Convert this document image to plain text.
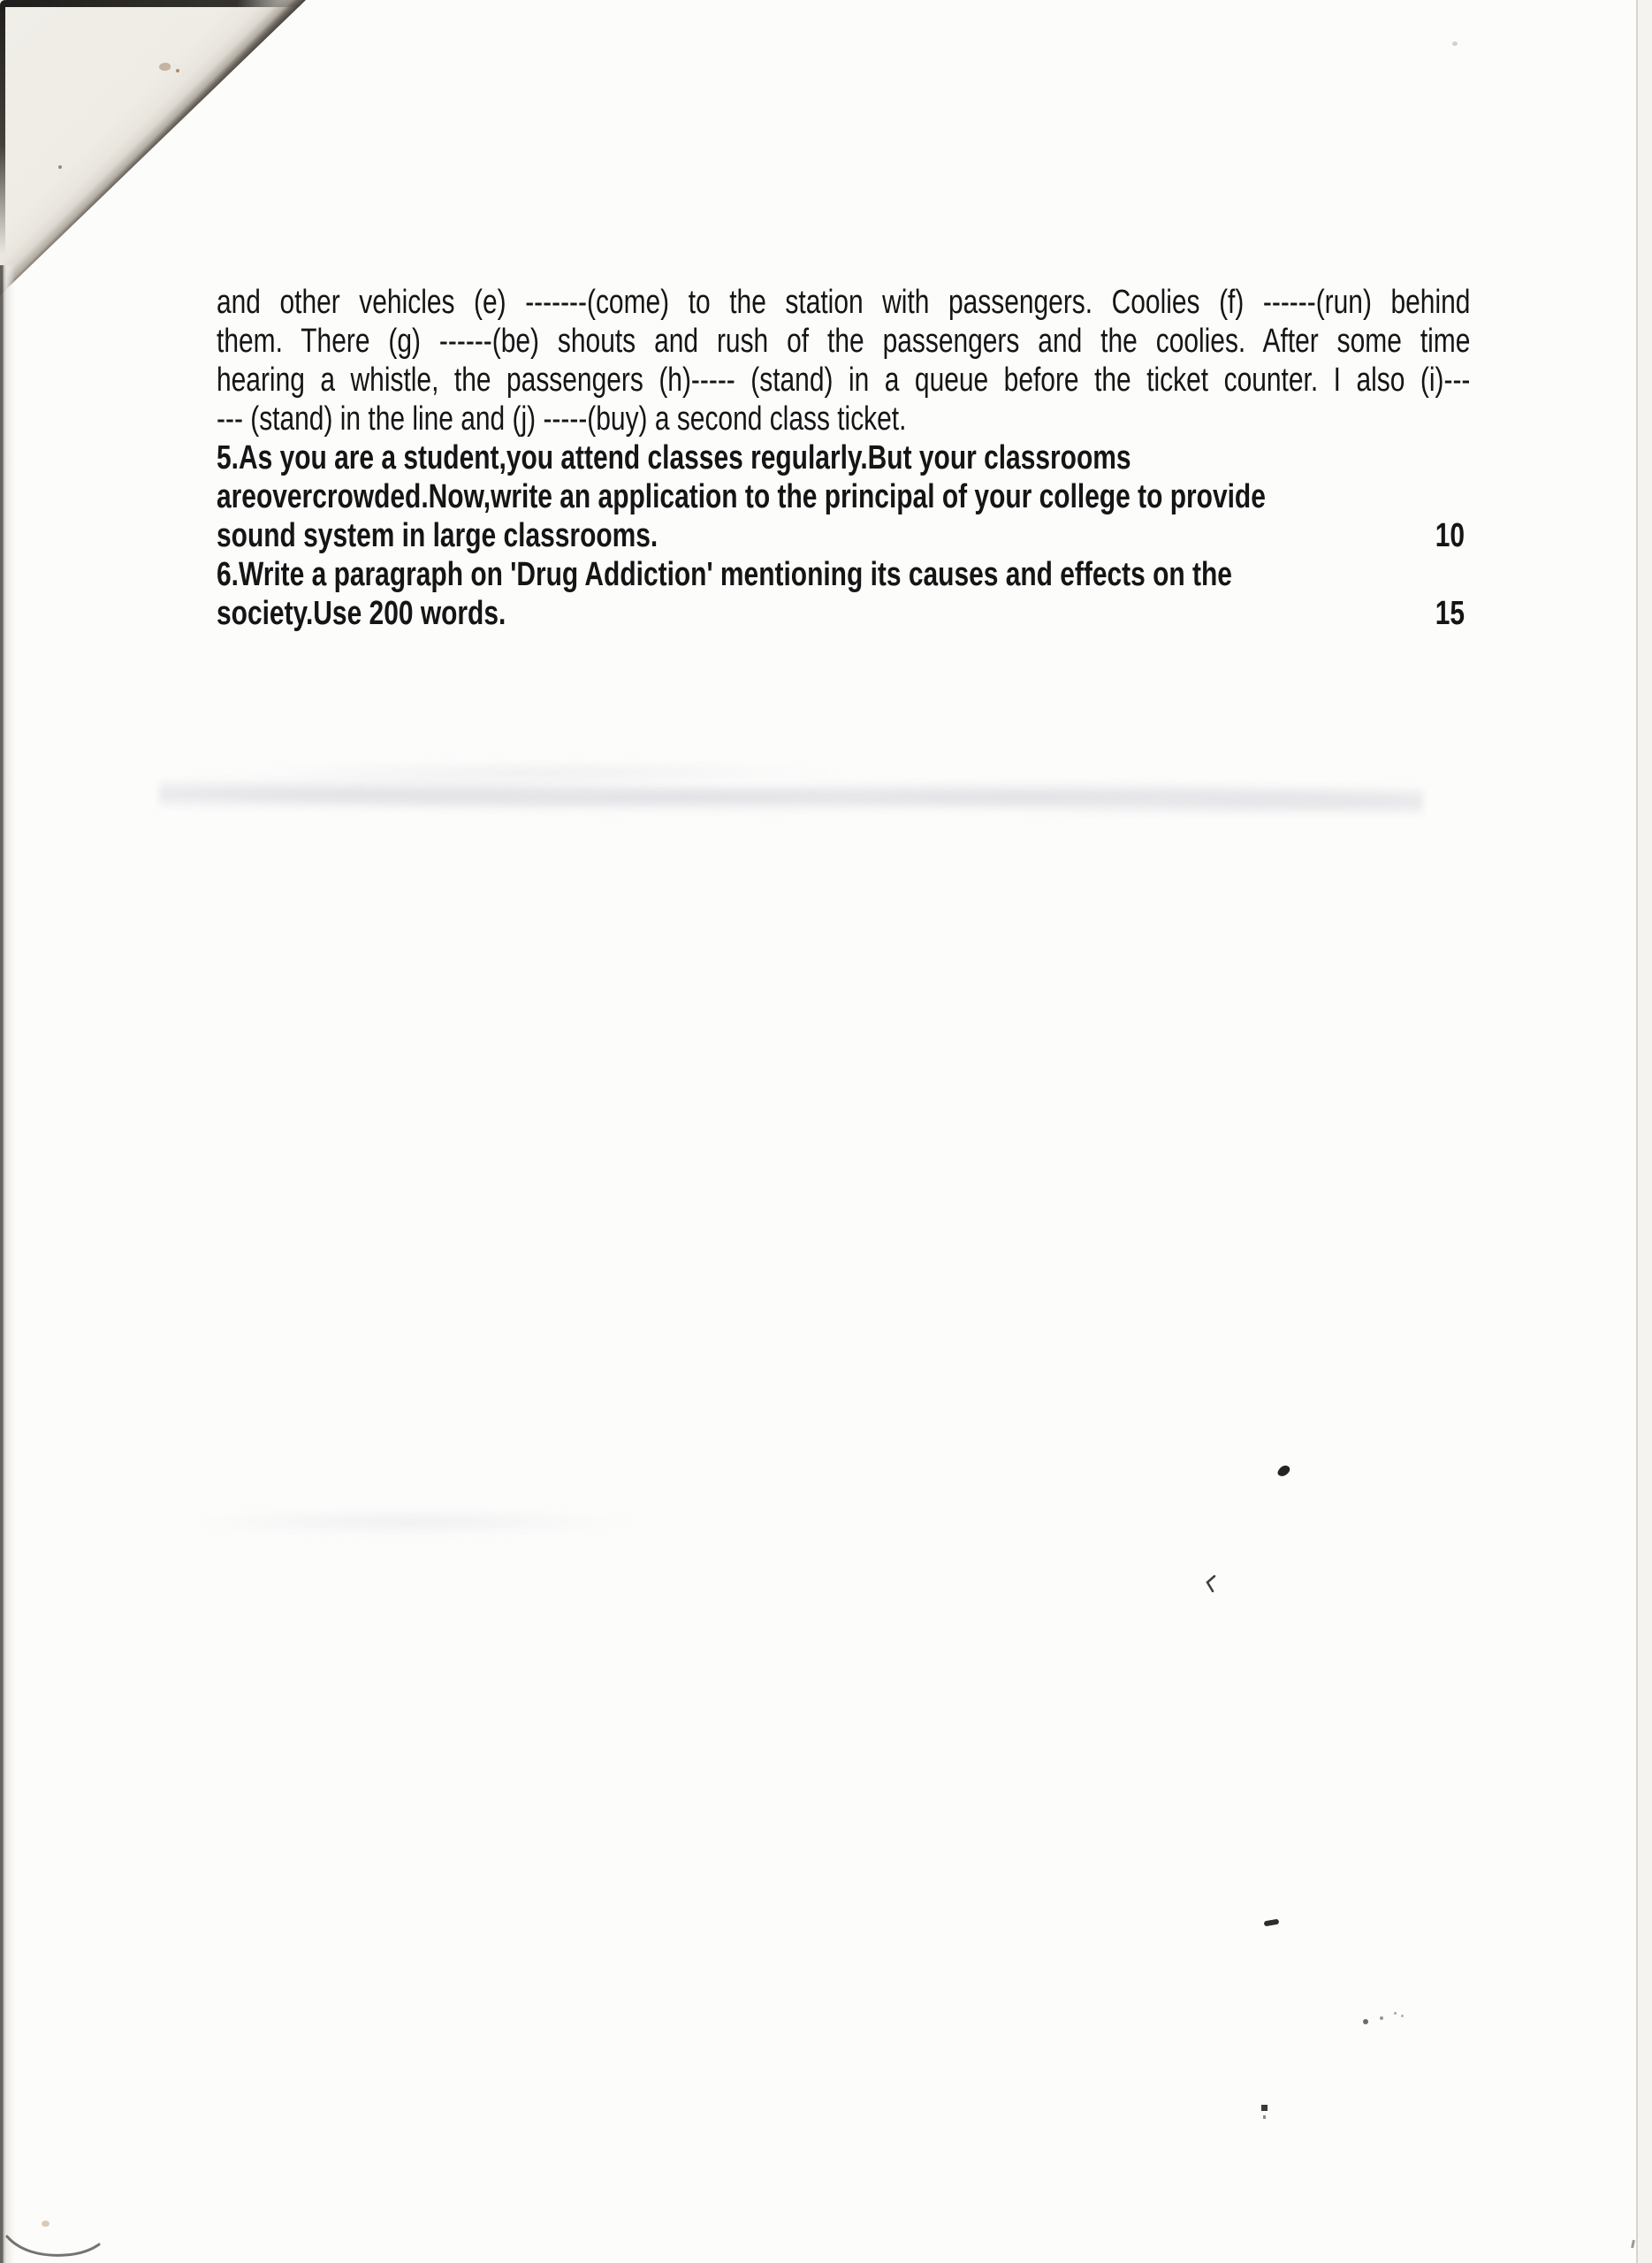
and other vehicles (e) -------(come) to the station with passengers. Coolies (f) ------(run) behind
them. There (g) ------(be) shouts and rush of the passengers and the coolies. After some time
hearing a whistle, the passengers (h)----- (stand) in a queue before the ticket counter. I also (i)---
--- (stand) in the line and (j) -----(buy) a second class ticket.
5.As you are a student,you attend classes regularly.But your classrooms
areovercrowded.Now,write an application to the principal of your college to provide
sound system in large classrooms.	10
6.Write a paragraph on 'Drug Addiction' mentioning its causes and effects on the
society.Use 200 words.	15
